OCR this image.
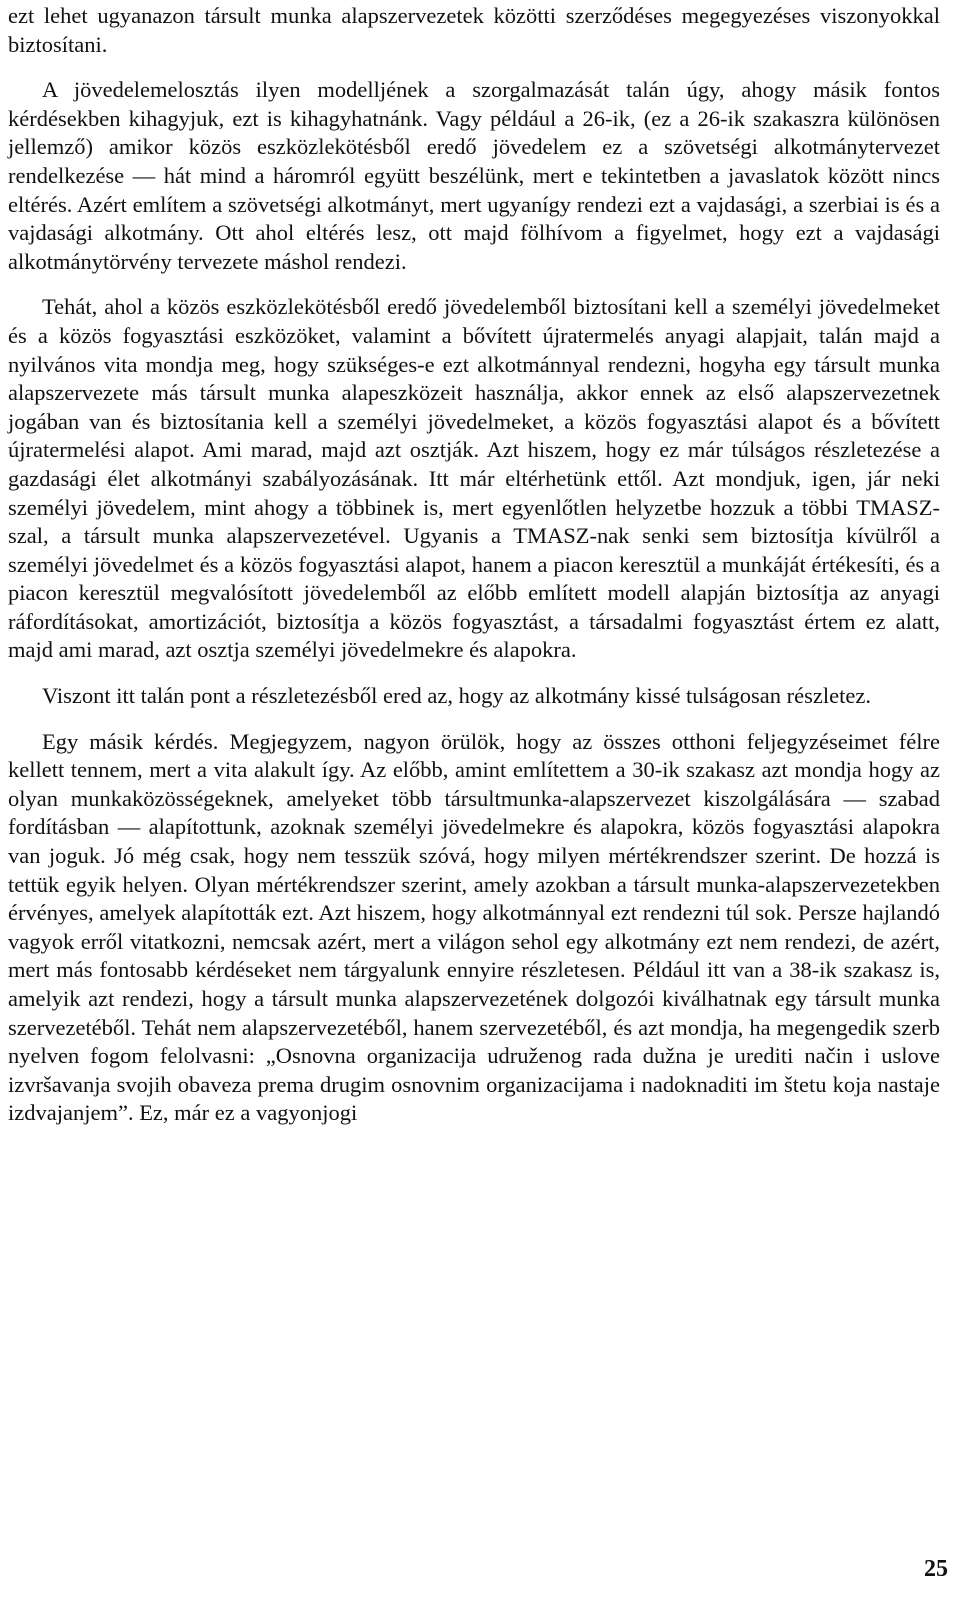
ezt lehet ugyanazon társult munka alapszervezetek közötti szerződéses megegyezéses viszonyokkal biztosítani.

A jövedelemelosztás ilyen modelljének a szorgalmazását talán úgy, ahogy másik fontos kérdésekben kihagyjuk, ezt is kihagyhatnánk. Vagy például a 26-ik, (ez a 26-ik szakaszra különösen jellemző) amikor közös eszközlekötésből eredő jövedelem ez a szövetségi alkotmánytervezet rendelkezése — hát mind a háromról együtt beszélünk, mert e tekintetben a javaslatok között nincs eltérés. Azért említem a szövetségi alkotmányt, mert ugyanígy rendezi ezt a vajdasági, a szerbiai is és a vajdasági alkotmány. Ott ahol eltérés lesz, ott majd fölhívom a figyelmet, hogy ezt a vajdasági alkotmánytörvény tervezete máshol rendezi.

Tehát, ahol a közös eszközlekötésből eredő jövedelemből biztosítani kell a személyi jövedelmeket és a közös fogyasztási eszközöket, valamint a bővített újratermelés anyagi alapjait, talán majd a nyilvános vita mondja meg, hogy szükséges-e ezt alkotmánnyal rendezni, hogyha egy társult munka alapszervezete más társult munka alapeszközeit használja, akkor ennek az első alapszervezetnek jogában van és biztosítania kell a személyi jövedelmeket, a közös fogyasztási alapot és a bővített újratermelési alapot. Ami marad, majd azt osztják. Azt hiszem, hogy ez már túlságos részletezése a gazdasági élet alkotmányi szabályozásának. Itt már eltérhetünk ettől. Azt mondjuk, igen, jár neki személyi jövedelem, mint ahogy a többinek is, mert egyenlőtlen helyzetbe hozzuk a többi TMASZ-szal, a társult munka alapszervezetével. Ugyanis a TMASZ-nak senki sem biztosítja kívülről a személyi jövedelmet és a közös fogyasztási alapot, hanem a piacon keresztül a munkáját értékesíti, és a piacon keresztül megvalósított jövedelemből az előbb említett modell alapján biztosítja az anyagi ráfordításokat, amortizációt, biztosítja a közös fogyasztást, a társadalmi fogyasztást értem ez alatt, majd ami marad, azt osztja személyi jövedelmekre és alapokra.

Viszont itt talán pont a részletezésből ered az, hogy az alkotmány kissé tulságosan részletez.

Egy másik kérdés. Megjegyzem, nagyon örülök, hogy az összes otthoni feljegyzéseimet félre kellett tennem, mert a vita alakult így. Az előbb, amint említettem a 30-ik szakasz azt mondja hogy az olyan munkaközösségeknek, amelyeket több társultmunka-alapszervezet kiszolgálására — szabad fordításban — alapítottunk, azoknak személyi jövedelmekre és alapokra, közös fogyasztási alapokra van joguk. Jó még csak, hogy nem tesszük szóvá, hogy milyen mértékrendszer szerint. De hozzá is tettük egyik helyen. Olyan mértékrendszer szerint, amely azokban a társult munka-alapszervezetekben érvényes, amelyek alapították ezt. Azt hiszem, hogy alkotmánnyal ezt rendezni túl sok. Persze hajlandó vagyok erről vitatkozni, nemcsak azért, mert a világon sehol egy alkotmány ezt nem rendezi, de azért, mert más fontosabb kérdéseket nem tárgyalunk ennyire részletesen. Például itt van a 38-ik szakasz is, amelyik azt rendezi, hogy a társult munka alapszervezetének dolgozói kiválhatnak egy társult munka szervezetéből. Tehát nem alapszervezetéből, hanem szervezetéből, és azt mondja, ha megengedik szerb nyelven fogom felolvasni: „Osnovna organizacija udruženog rada dužna je urediti način i uslove izvršavanja svojih obaveza prema drugim osnovnim organizacijama i nadoknaditi im štetu koja nastaje izdvajanjem”. Ez, már ez a vagyonjogi

25
